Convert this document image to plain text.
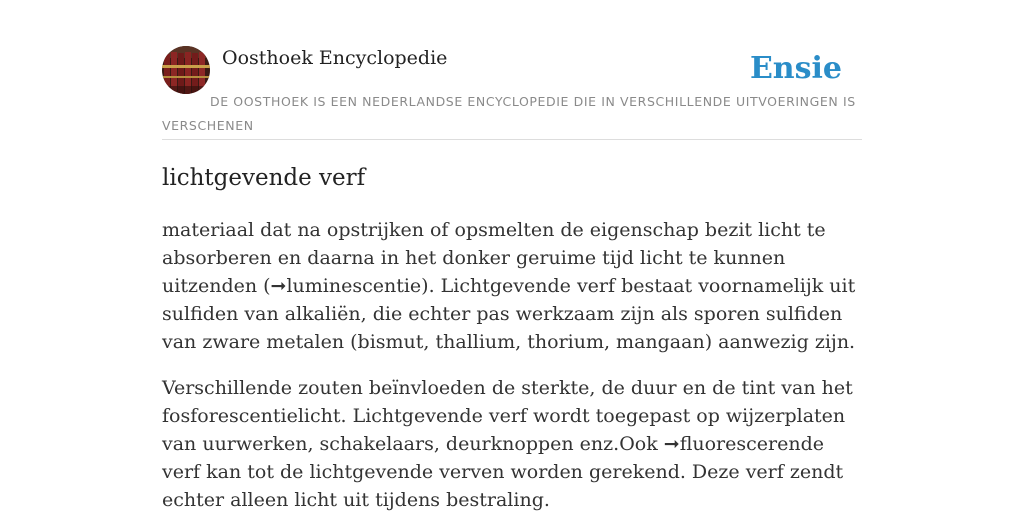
Oosthoek Encyclopedie	Ensie
DE OOSTHOEK IS EEN NEDERLANDSE ENCYCLOPEDIE DIE IN VERSCHILLENDE UITVOERINGEN IS VERSCHENEN
lichtgevende verf

materiaal dat na opstrijken of opsmelten de eigenschap bezit licht te absorberen en daarna in het donker geruime tijd licht te kunnen uitzenden (➞luminescentie). Lichtgevende verf bestaat voornamelijk uit sulfiden van alkaliën, die echter pas werkzaam zijn als sporen sulfiden van zware metalen (bismut, thallium, thorium, mangaan) aanwezig zijn.

Verschillende zouten beïnvloeden de sterkte, de duur en de tint van het fosforescentielicht. Lichtgevende verf wordt toegepast op wijzerplaten van uurwerken, schakelaars, deurknoppen enz.Ook ➞fluorescerende verf kan tot de lichtgevende verven worden gerekend. Deze verf zendt echter alleen licht uit tijdens bestraling.
